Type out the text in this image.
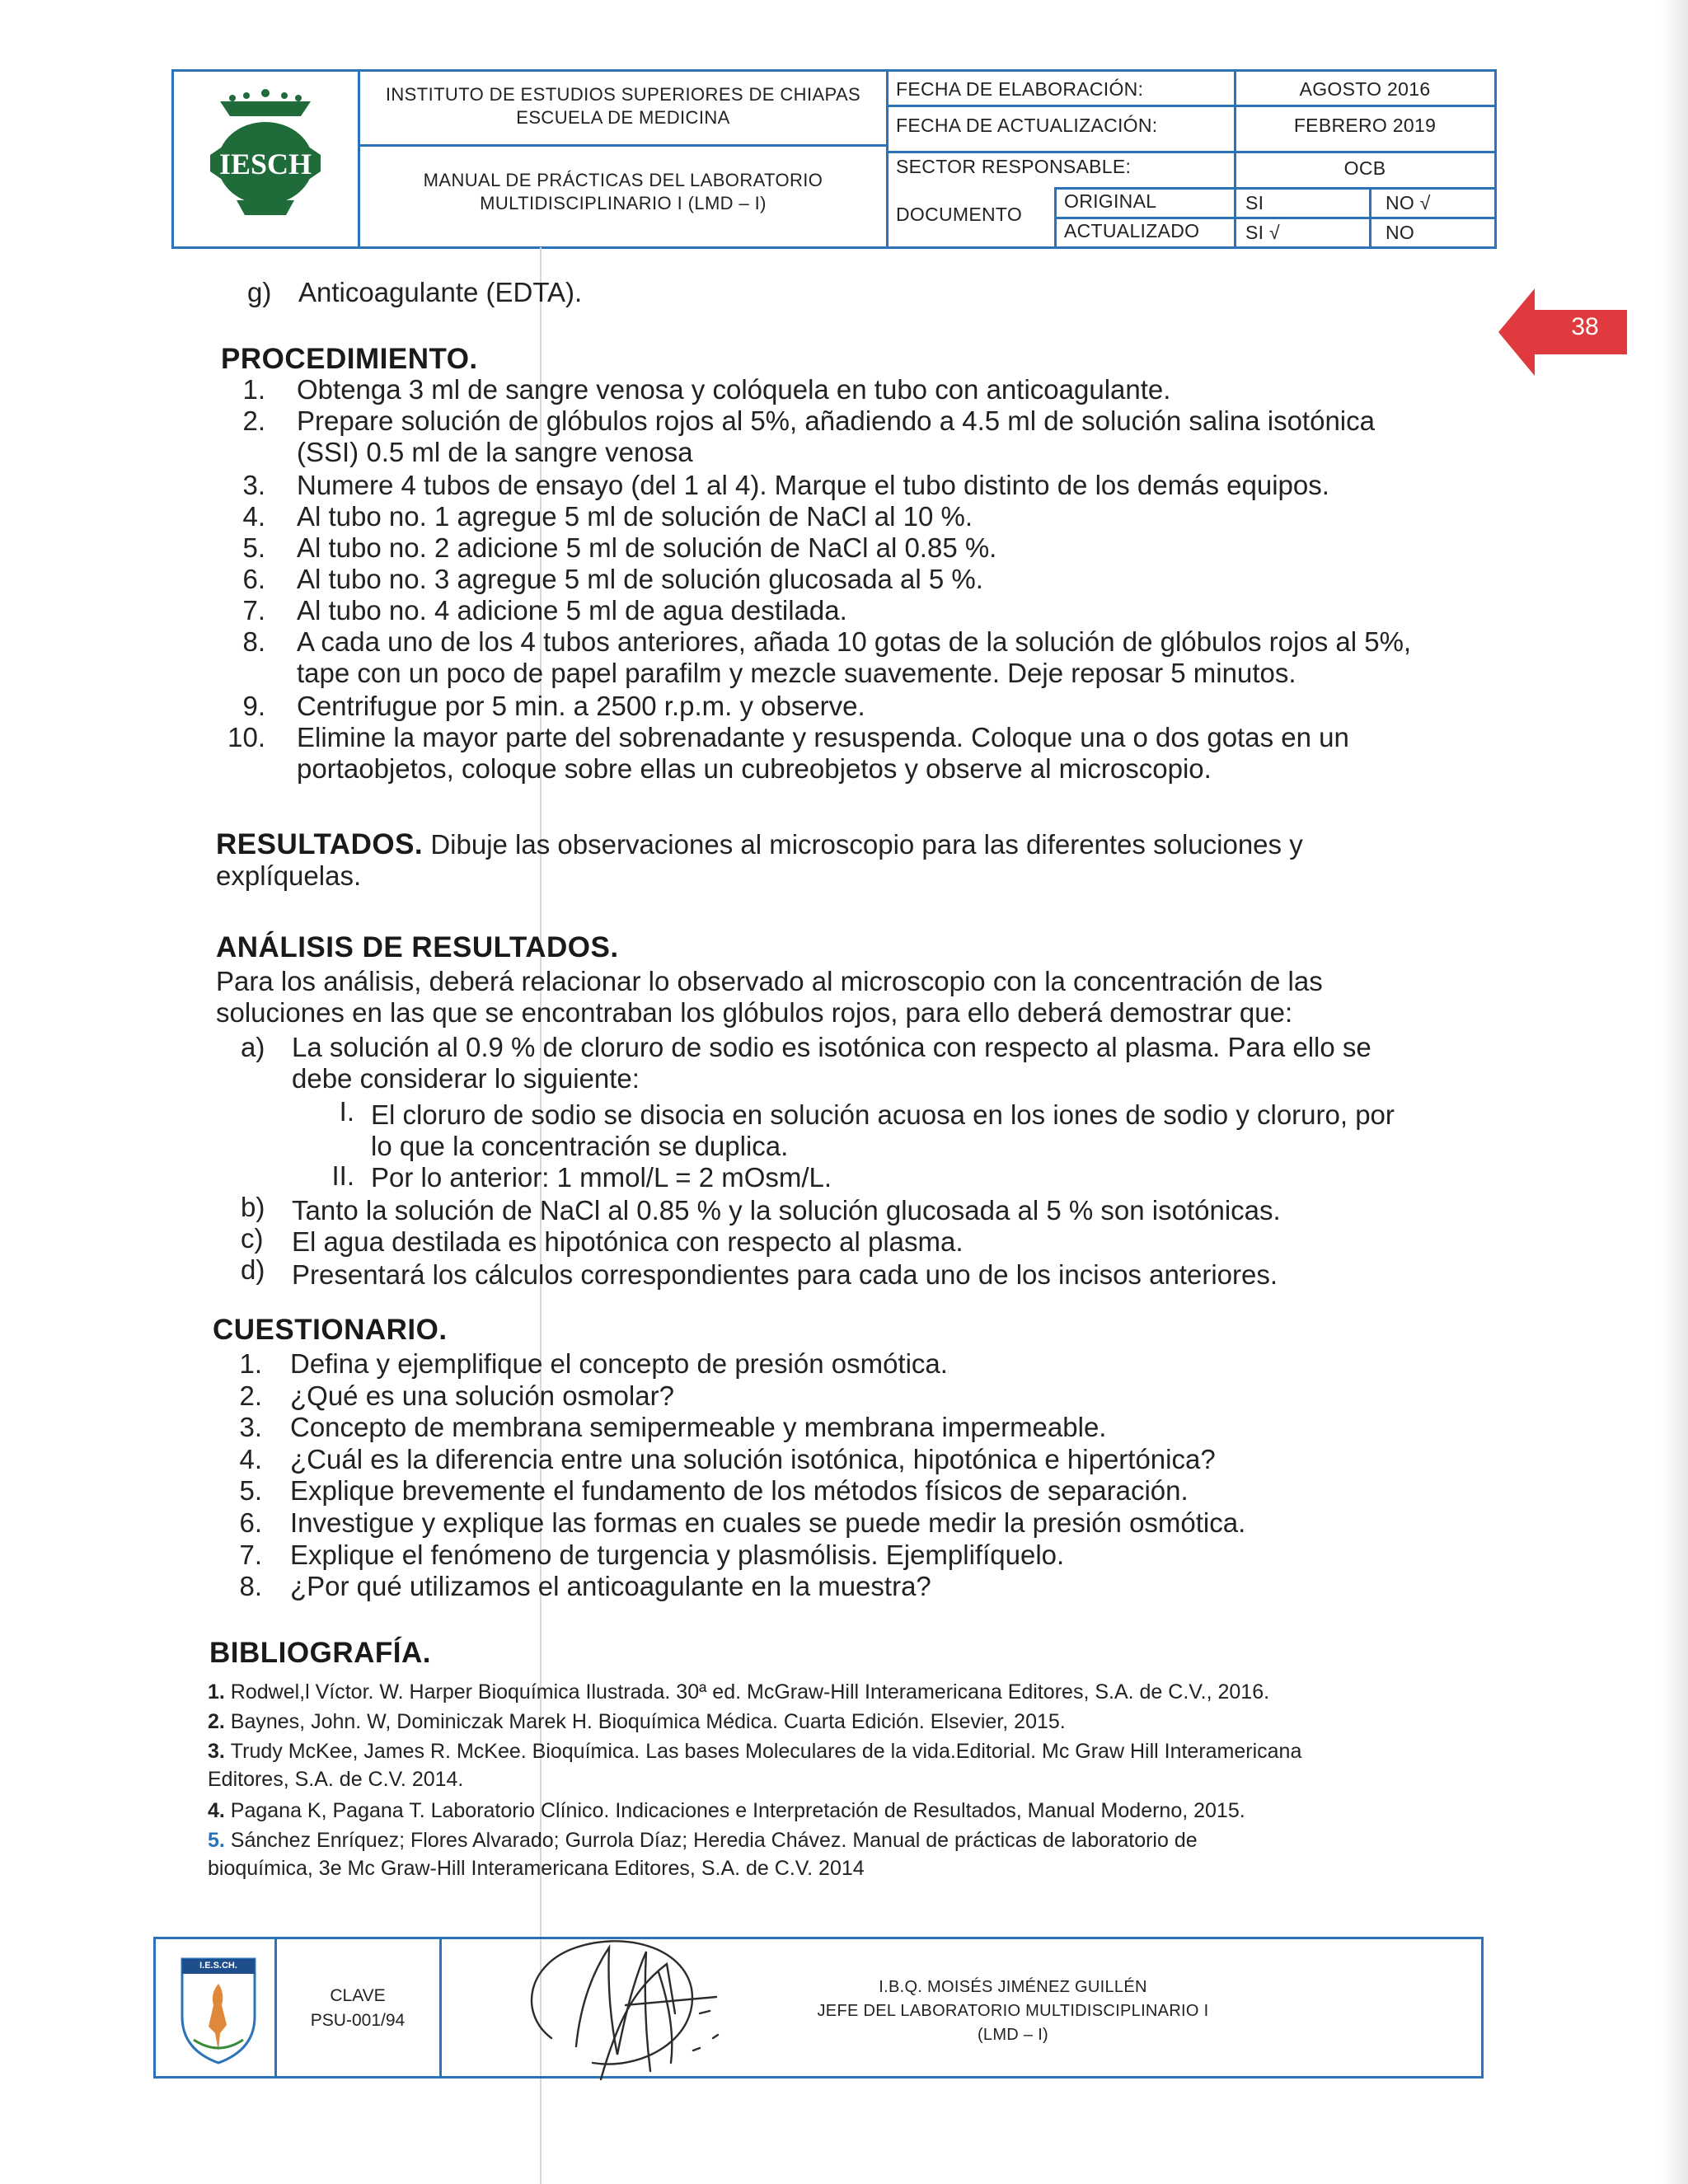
IESCH
INSTITUTO DE ESTUDIOS SUPERIORES DE CHIAPAS
ESCUELA DE MEDICINA
MANUAL DE PRÁCTICAS DEL LABORATORIO
MULTIDISCIPLINARIO I (LMD – I)
FECHA DE ELABORACIÓN:	AGOSTO 2016
FECHA DE ACTUALIZACIÓN:	FEBRERO 2019
SECTOR RESPONSABLE:	OCB
DOCUMENTO
ORIGINAL	SI	NO √
ACTUALIZADO SI √	NO
38
g) Anticoagulante (EDTA).
PROCEDIMIENTO.
1. Obtenga 3 ml de sangre venosa y colóquela en tubo con anticoagulante.
2. Prepare solución de glóbulos rojos al 5%, añadiendo a 4.5 ml de solución salina isotónica
(SSI) 0.5 ml de la sangre venosa
3. Numere 4 tubos de ensayo (del 1 al 4). Marque el tubo distinto de los demás equipos.
4. Al tubo no. 1 agregue 5 ml de solución de NaCl al 10 %.
5. Al tubo no. 2 adicione 5 ml de solución de NaCl al 0.85 %.
6. Al tubo no. 3 agregue 5 ml de solución glucosada al 5 %.
7. Al tubo no. 4 adicione 5 ml de agua destilada.
8. A cada uno de los 4 tubos anteriores, añada 10 gotas de la solución de glóbulos rojos al 5%,
tape con un poco de papel parafilm y mezcle suavemente. Deje reposar 5 minutos.
9. Centrifugue por 5 min. a 2500 r.p.m. y observe.
10. Elimine la mayor parte del sobrenadante y resuspenda. Coloque una o dos gotas en un
portaobjetos, coloque sobre ellas un cubreobjetos y observe al microscopio.
RESULTADOS. Dibuje las observaciones al microscopio para las diferentes soluciones y
explíquelas.
ANÁLISIS DE RESULTADOS.
Para los análisis, deberá relacionar lo observado al microscopio con la concentración de las
soluciones en las que se encontraban los glóbulos rojos, para ello deberá demostrar que:
a) La solución al 0.9 % de cloruro de sodio es isotónica con respecto al plasma. Para ello se
debe considerar lo siguiente:
I. El cloruro de sodio se disocia en solución acuosa en los iones de sodio y cloruro, por
lo que la concentración se duplica.
II. Por lo anterior: 1 mmol/L = 2 mOsm/L.
b) Tanto la solución de NaCl al 0.85 % y la solución glucosada al 5 % son isotónicas.
c) El agua destilada es hipotónica con respecto al plasma.
d) Presentará los cálculos correspondientes para cada uno de los incisos anteriores.
CUESTIONARIO.
1. Defina y ejemplifique el concepto de presión osmótica.
2. ¿Qué es una solución osmolar?
3. Concepto de membrana semipermeable y membrana impermeable.
4. ¿Cuál es la diferencia entre una solución isotónica, hipotónica e hipertónica?
5. Explique brevemente el fundamento de los métodos físicos de separación.
6. Investigue y explique las formas en cuales se puede medir la presión osmótica.
7. Explique el fenómeno de turgencia y plasmólisis. Ejemplifíquelo.
8. ¿Por qué utilizamos el anticoagulante en la muestra?
BIBLIOGRAFÍA.
1. Rodwel,l Víctor. W. Harper Bioquímica Ilustrada. 30ª ed. McGraw-Hill Interamericana Editores, S.A. de C.V., 2016.
2. Baynes, John. W, Dominiczak Marek H. Bioquímica Médica. Cuarta Edición. Elsevier, 2015.
3. Trudy McKee, James R. McKee. Bioquímica. Las bases Moleculares de la vida.Editorial. Mc Graw Hill Interamericana
Editores, S.A. de C.V. 2014.
4. Pagana K, Pagana T. Laboratorio Clínico. Indicaciones e Interpretación de Resultados, Manual Moderno, 2015.
5. Sánchez Enríquez; Flores Alvarado; Gurrola Díaz; Heredia Chávez. Manual de prácticas de laboratorio de
bioquímica, 3e Mc Graw-Hill Interamericana Editores, S.A. de C.V. 2014
I.E.S.CH.
CLAVE
PSU-001/94
I.B.Q. MOISÉS JIMÉNEZ GUILLÉN
JEFE DEL LABORATORIO MULTIDISCIPLINARIO I
(LMD – I)
